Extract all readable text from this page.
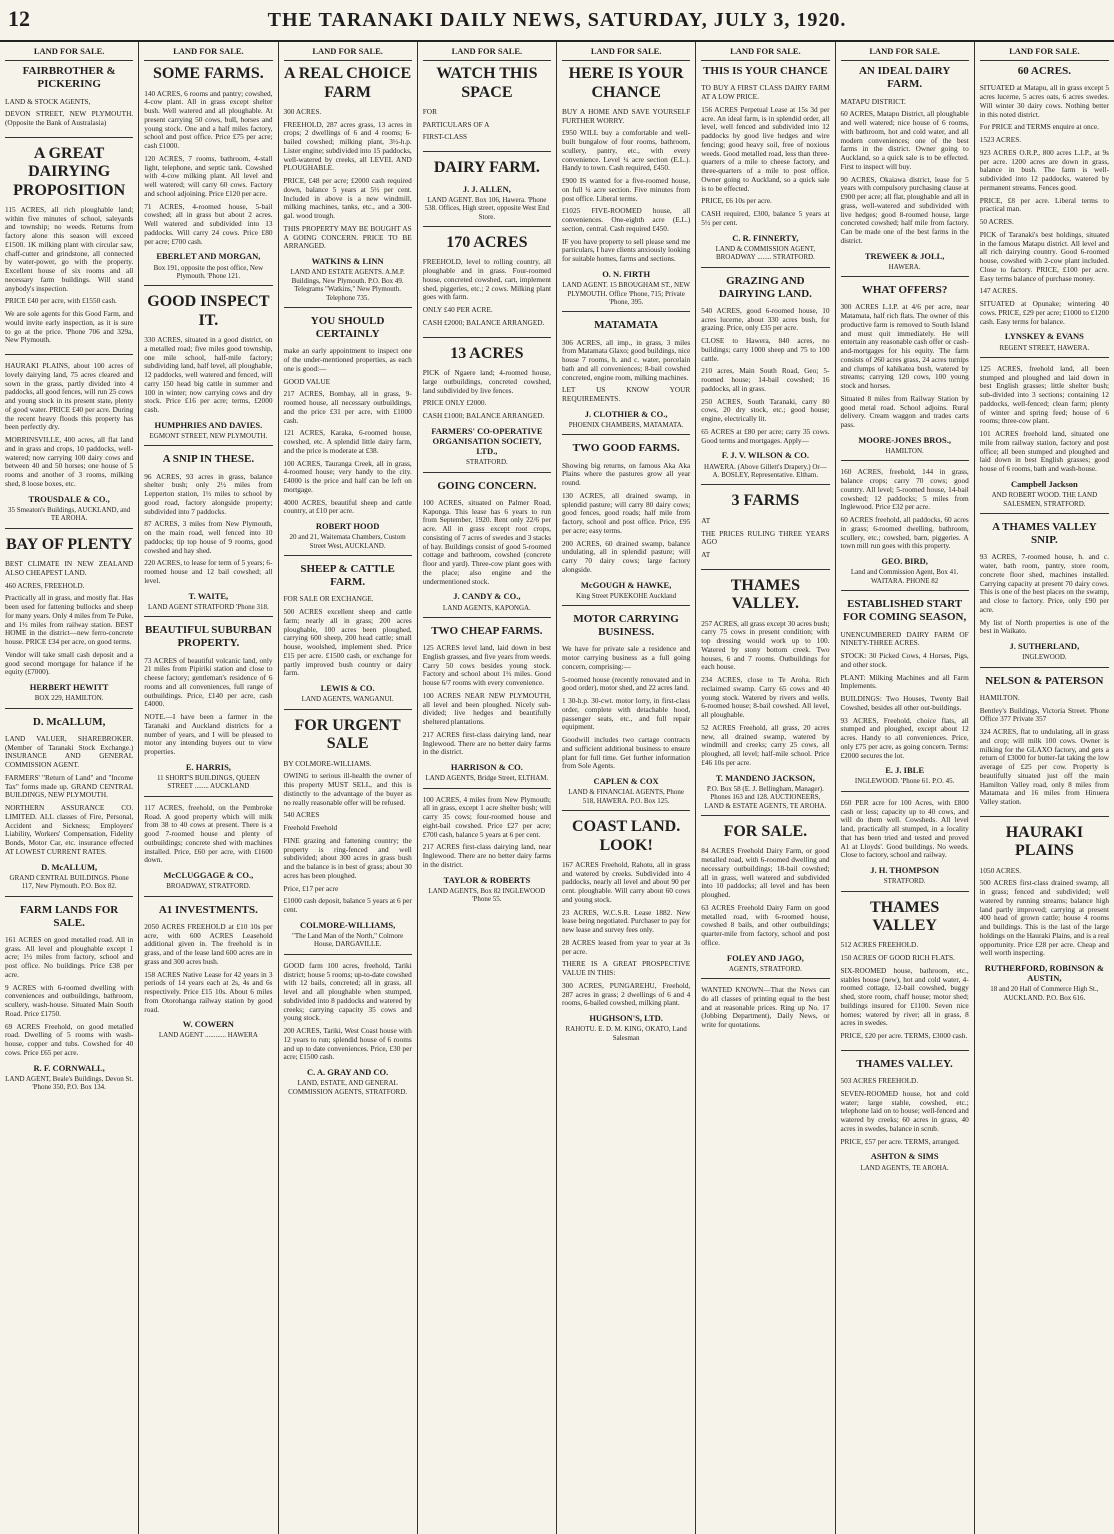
12	THE TARANAKI DAILY NEWS, SATURDAY, JULY 3, 1920.
LAND FOR SALE.
FAIRBROTHER & PICKERING

LAND & STOCK AGENTS,

DEVON STREET, NEW PLYMOUTH. (Opposite the Bank of Australasia)

A GREAT DAIRYING PROPOSITION

115 ACRES, all rich ploughable land; within five minutes of school, saleyards and township; no weeds. Returns from factory alone this season will exceed £1500. 1K milking plant with circular saw, chaff-cutter and grindstone, all connected by water-power, go with the property. Excellent house of six rooms and all necessary farm buildings. Will stand anybody's inspection.

PRICE £40 per acre, with £1550 cash.

We are sole agents for this Good Farm, and would invite early inspection, as it is sure to go at the price. 'Phone 706 and 329a, New Plymouth.

HAURAKI PLAINS, about 100 acres of lovely dairying land, 75 acres cleared and sown in the grass, partly divided into 4 paddocks, all good fences, will run 25 cows and young stock in its present state, plenty of good water. PRICE £40 per acre. During the recent heavy floods this property has been perfectly dry.

MORRINSVILLE, 400 acres, all flat land and in grass and crops, 10 paddocks, well-watered; now carrying 100 dairy cows and between 40 and 50 horses; one house of 5 rooms and another of 3 rooms, milking shed, 8 loose boxes, etc.

TROUSDALE & CO.,
35 Smeaton's Buildings, AUCKLAND, and TE AROHA.
BAY OF PLENTY

BEST CLIMATE IN NEW ZEALAND ALSO CHEAPEST LAND.

460 ACRES, FREEHOLD.

Practically all in grass, and mostly flat. Has been used for fattening bullocks and sheep for many years. Only 4 miles from Te Puke, and 1½ miles from railway station. BEST HOME in the district—new ferro-concrete house. PRICE £34 per acre, on good terms.

Vendor will take small cash deposit and a good second mortgage for balance if he equity (£7000).

HERBERT HEWITT
BOX 229, HAMILTON.
D. McALLUM,

LAND VALUER, SHAREBROKER. (Member of Taranaki Stock Exchange.) INSURANCE AND GENERAL COMMISSION AGENT.

FARMERS' "Return of Land" and "Income Tax" forms made up. GRAND CENTRAL BUILDINGS, NEW PLYMOUTH.

NORTHERN ASSURANCE CO. LIMITED. ALL classes of Fire, Personal, Accident and Sickness; Employers' Liability, Workers' Compensation, Fidelity Bonds, Motor Car, etc. insurance effected AT LOWEST CURRENT RATES.

D. McALLUM,
GRAND CENTRAL BUILDINGS. Phone 117, New Plymouth. P.O. Box 82.
FARM LANDS FOR SALE.

161 ACRES on good metalled road. All in grass. All level and ploughable except 1 acre; 1½ miles from factory, school and post office. No buildings. Price £38 per acre.

9 ACRES with 6-roomed dwelling with conveniences and outbuildings, bathroom, scullery, wash-house. Situated Main South Road. Price £1750.

69 ACRES Freehold, on good metalled road. Dwelling of 5 rooms with wash-house, copper and tubs. Cowshed for 40 cows. Price £65 per acre.

R. F. CORNWALL,
LAND AGENT, Beale's Buildings, Devon St. 'Phone 350, P.O. Box 134.
LAND FOR SALE.
SOME FARMS.

140 ACRES, 6 rooms and pantry; cowshed, 4-cow plant. All in grass except shelter bush. Well watered and all ploughable. At present carrying 50 cows, bull, horses and young stock. One and a half miles factory, school and post office. Price £75 per acre; cash £1000.

120 ACRES, 7 rooms, bathroom, 4-stall light, telephone, and septic tank. Cowshed with 4-cow milking plant. All level and well watered; will carry 60 cows. Factory and school adjoining. Price £120 per acre.

71 ACRES, 4-roomed house, 5-bail cowshed; all in grass but about 2 acres. Well watered and subdivided into 13 paddocks. Will carry 24 cows. Price £80 per acre; £700 cash.

EBERLET AND MORGAN,
Box 191, opposite the post office, New Plymouth. 'Phone 121.
GOOD INSPECT IT.

330 ACRES, situated in a good district, on a metalled road; five miles good township, one mile school, half-mile factory; subdividing land, half level, all ploughable, 12 paddocks, well watered and fenced, will carry 150 head big cattle in summer and 100 in winter; now carrying cows and dry stock. Price £16 per acre; terms, £2000 cash.

HUMPHRIES AND DAVIES.
EGMONT STREET, NEW PLYMOUTH.
A SNIP IN THESE.

96 ACRES, 93 acres in grass, balance shelter bush; only 2½ miles from Lepperton station, 1½ miles to school by good road, factory alongside property; subdivided into 7 paddocks.

87 ACRES, 3 miles from New Plymouth, on the main road, well fenced into 10 paddocks; tip top house of 9 rooms, good cowshed and hay shed.

220 ACRES, to lease for term of 5 years; 6-roomed house and 12 bail cowshed; all level.

T. WAITE,
LAND AGENT STRATFORD 'Phone 318.
BEAUTIFUL SUBURBAN PROPERTY.

73 ACRES of beautiful volcanic land, only 21 miles from Pipiriki station and close to cheese factory; gentleman's residence of 6 rooms and all conveniences, full range of outbuildings. Price, £140 per acre, cash £4000.

NOTE.—I have been a farmer in the Taranaki and Auckland districts for a number of years, and I will be pleased to motor any intending buyers out to view properties.

E. HARRIS,
11 SHORT'S BUILDINGS, QUEEN STREET ........ AUCKLAND

117 ACRES, freehold, on the Pembroke Road. A good property which will milk from 38 to 40 cows at present. There is a good 7-roomed house and plenty of outbuildings; concrete shed with machines installed. Price, £60 per acre, with £1600 down.

McCLUGGAGE & CO.,
BROADWAY, STRATFORD.
A1 INVESTMENTS.

2050 ACRES FREEHOLD at £10 10s per acre, with 600 ACRES Leasehold additional given in. The freehold is in grass, and of the lease land 600 acres are in grass and 300 acres bush.

158 ACRES Native Lease for 42 years in 3 periods of 14 years each at 2s, 4s and 6s respectively. Price £15 10s. About 6 miles from Otorohanga railway station by good road.

W. COWERN
LAND AGENT ............ HAWERA
LAND FOR SALE.
A REAL CHOICE FARM

300 ACRES.

FREEHOLD, 287 acres grass, 13 acres in crops; 2 dwellings of 6 and 4 rooms; 6-bailed cowshed; milking plant, 3½-h.p. Lister engine; subdivided into 15 paddocks, well-watered by creeks, all LEVEL AND PLOUGHABLE.

PRICE, £48 per acre; £2000 cash required down, balance 5 years at 5½ per cent. Included in above is a new windmill, milking machines, tanks, etc., and a 300-gal. wood trough.

THIS PROPERTY MAY BE BOUGHT AS A GOING CONCERN. PRICE TO BE ARRANGED.

WATKINS & LINN
LAND AND ESTATE AGENTS. A.M.P. Buildings, New Plymouth. P.O. Box 49. Telegrams "Watkins," New Plymouth. Telephone 735.
YOU SHOULD CERTAINLY

make an early appointment to inspect one of the under-mentioned properties, as each one is good:—

GOOD VALUE

217 ACRES, Bombay, all in grass, 9-roomed house, all necessary outbuildings, and the price £31 per acre, with £1000 cash.

121 ACRES, Karaka, 6-roomed house, cowshed, etc. A splendid little dairy farm, and the price is moderate at £38.

100 ACRES, Tauranga Creek, all in grass, 4-roomed house; very handy to the city. £4000 is the price and half can be left on mortgage.

4000 ACRES, beautiful sheep and cattle country, at £10 per acre.

ROBERT HOOD
20 and 21, Waitemata Chambers, Custom Street West, AUCKLAND.
SHEEP & CATTLE FARM.

FOR SALE OR EXCHANGE.

500 ACRES excellent sheep and cattle farm; nearly all in grass; 200 acres ploughable, 100 acres been ploughed, carrying 600 sheep, 200 head cattle; small house, woolshed, implement shed. Price £15 per acre. £1500 cash, or exchange for partly improved bush country or dairy farm.

LEWIS & CO.
LAND AGENTS, WANGANUI.
FOR URGENT SALE

BY COLMORE-WILLIAMS.

OWING to serious ill-health the owner of this property MUST SELL, and this is distinctly to the advantage of the buyer as no really reasonable offer will be refused.

540 ACRES

Freehold Freehold

FINE grazing and fattening country; the property is ring-fenced and well subdivided; about 300 acres in grass bush and the balance is in best of grass; about 30 acres has been ploughed.

Price, £17 per acre

£1000 cash deposit, balance 5 years at 6 per cent.

COLMORE-WILLIAMS,
"The Land Man of the North," Colmore House, DARGAVILLE.

GOOD farm 100 acres, freehold, Tariki district; house 5 rooms; up-to-date cowshed with 12 bails, concreted; all in grass, all level and all ploughable when stumped, subdivided into 8 paddocks and watered by creeks; carrying capacity 35 cows and young stock.

200 ACRES, Tariki, West Coast house with 12 years to run; splendid house of 6 rooms and up to date conveniences. Price, £30 per acre; £1500 cash.

C. A. GRAY AND CO.
LAND, ESTATE, AND GENERAL COMMISSION AGENTS, STRATFORD.
LAND FOR SALE.
WATCH THIS SPACE

FOR

PARTICULARS OF A

FIRST-CLASS

DAIRY FARM.
J. J. ALLEN,
LAND AGENT. Box 106, Hawera. 'Phone 538. Offices, High street, opposite West End Store.
170 ACRES

FREEHOLD, level to rolling country, all ploughable and in grass. Four-roomed house, concreted cowshed, cart, implement shed, piggeries, etc.; 2 cows. Milking plant goes with farm.

ONLY £40 PER ACRE.

CASH £2000; BALANCE ARRANGED.

13 ACRES

PICK of Ngaere land; 4-roomed house, large outbuildings, concreted cowshed, land subdivided by live fences.

PRICE ONLY £2000.

CASH £1000; BALANCE ARRANGED.

FARMERS' CO-OPERATIVE ORGANISATION SOCIETY, LTD.,
STRATFORD.
GOING CONCERN.

100 ACRES, situated on Palmer Road, Kaponga. This lease has 6 years to run from September, 1920. Rent only 22/6 per acre. All in grass except root crops, consisting of 7 acres of swedes and 3 stacks of hay. Buildings consist of good 5-roomed cottage and bathroom, cowshed (concrete floor and yard). Three-cow plant goes with the place; also engine and the undermentioned stock.

J. CANDY & CO.,
LAND AGENTS, KAPONGA.
TWO CHEAP FARMS.

125 ACRES level land, laid down in best English grasses, and five years from weeds. Carry 50 cows besides young stock. Factory and school about 1½ miles. Good house 6/7 rooms with every convenience.

100 ACRES NEAR NEW PLYMOUTH, all level and been ploughed. Nicely sub-divided; live hedges and beautifully sheltered plantations.

217 ACRES first-class dairying land, near Inglewood. There are no better dairy farms in the district.

HARRISON & CO.
LAND AGENTS, Bridge Street, ELTHAM.

100 ACRES, 4 miles from New Plymouth; all in grass, except 1 acre shelter bush; will carry 35 cows; four-roomed house and eight-bail cowshed. Price £27 per acre; £700 cash, balance 5 years at 6 per cent.

217 ACRES first-class dairying land, near Inglewood. There are no better dairy farms in the district.

TAYLOR & ROBERTS
LAND AGENTS, Box 82 INGLEWOOD 'Phone 55.
LAND FOR SALE.
HERE IS YOUR CHANCE

BUY A HOME AND SAVE YOURSELF FURTHER WORRY.

£950 WILL buy a comfortable and well-built bungalow of four rooms, bathroom, scullery, pantry, etc., with every convenience. Level ¼ acre section (E.L.). Handy to town. Cash required, £450.

£900 IS wanted for a five-roomed house, on full ¼ acre section. Five minutes from post office. Liberal terms.

£1025 FIVE-ROOMED house, all conveniences. One-eighth acre (E.L.) section, central. Cash required £450.

IF you have property to sell please send me particulars, I have clients anxiously looking for suitable homes, farms and sections.

O. N. FIRTH
LAND AGENT. 15 BROUGHAM ST., NEW PLYMOUTH. Office 'Phone, 715; Private 'Phone, 395.
MATAMATA

306 ACRES, all imp., in grass, 3 miles from Matamata Glaxo; good buildings, nice house 7 rooms, h. and c. water, porcelain bath and all conveniences; 8-bail cowshed concreted, engine room, milking machines.

LET US KNOW YOUR REQUIREMENTS.

J. CLOTHIER & CO.,
PHOENIX CHAMBERS, MATAMATA.
TWO GOOD FARMS.

Showing big returns, on famous Aka Aka Plains where the pastures grow all year round.

130 ACRES, all drained swamp, in splendid pasture; will carry 80 dairy cows; good fences, good roads; half mile from factory, school and post office. Price, £95 per acre; easy terms.

200 ACRES, 60 drained swamp, balance undulating, all in splendid pasture; will carry 70 dairy cows; large factory alongside.

McGOUGH & HAWKE,
King Street PUKEKOHE Auckland
MOTOR CARRYING BUSINESS.

We have for private sale a residence and motor carrying business as a full going concern, comprising:—

5-roomed house (recently renovated and in good order), motor shed, and 22 acres land.

1 30-h.p. 30-cwt. motor lorry, in first-class order, complete with detachable hood, passenger seats, etc., and full repair equipment.

Goodwill includes two cartage contracts and sufficient additional business to ensure plant for full time. Get further information from Sole Agents.

CAPLEN & COX
LAND & FINANCIAL AGENTS, Phone 518, HAWERA. P.O. Box 125.
COAST LAND. LOOK!

167 ACRES Freehold, Rahotu, all in grass and watered by creeks. Subdivided into 4 paddocks, nearly all level and about 90 per cent. ploughable. Will carry about 60 cows and young stock.

23 ACRES, W.C.S.R. Lease 1882. New lease being negotiated. Purchaser to pay for new lease and survey fees only.

28 ACRES leased from year to year at 3s per acre.

THERE IS A GREAT PROSPECTIVE VALUE IN THIS:

300 ACRES, PUNGAREHU, Freehold, 287 acres in grass; 2 dwellings of 6 and 4 rooms, 6-bailed cowshed, milking plant.

HUGHSON'S, LTD.
RAHOTU. E. D. M. KING, OKATO, Land Salesman
LAND FOR SALE.
THIS IS YOUR CHANCE

TO BUY A FIRST CLASS DAIRY FARM AT A LOW PRICE.

156 ACRES Perpetual Lease at 15s 3d per acre. An ideal farm, is in splendid order, all level, well fenced and subdivided into 12 paddocks by good live hedges and wire fencing; good heavy soil, free of noxious weeds. Good metalled road, less than three-quarters of a mile to cheese factory, and three-quarters of a mile to post office. Owner going to Auckland, so a quick sale is to be effected.

PRICE, £6 10s per acre.

CASH required, £300, balance 5 years at 5½ per cent.

C. R. FINNERTY,
LAND & COMMISSION AGENT, BROADWAY ........ STRATFORD.
GRAZING AND DAIRYING LAND.

540 ACRES, good 6-roomed house, 10 acres lucerne, about 330 acres bush, for grazing. Price, only £35 per acre.

CLOSE to Hawera, 840 acres, no buildings; carry 1000 sheep and 75 to 100 cattle.

210 acres, Main South Road, Geo; 5-roomed house; 14-bail cowshed; 16 paddocks, all in grass.

250 ACRES, South Taranaki, carry 80 cows, 20 dry stock, etc.; good house; engine, electrically lit.

65 ACRES at £80 per acre; carry 35 cows. Good terms and mortgages. Apply—

F. J. V. WILSON & CO.
HAWERA. (Above Gillett's Drapery.) Or— A. BOSLEY, Representative. Eltham.
3 FARMS

AT

THE PRICES RULING THREE YEARS AGO

AT

THAMES VALLEY.

257 ACRES, all grass except 30 acres bush; carry 75 cows in present condition; with top dressing would work up to 100. Watered by stony bottom creek. Two houses, 6 and 7 rooms. Outbuildings for each house.

234 ACRES, close to Te Aroha. Rich reclaimed swamp. Carry 65 cows and 40 young stock. Watered by rivers and wells. 6-roomed house; 8-bail cowshed. All level, all ploughable.

52 ACRES Freehold, all grass, 20 acres new, all drained swamp, watered by windmill and creeks; carry 25 cows, all ploughed, all level; half-mile school. Price £46 10s per acre.

T. MANDENO JACKSON,
P.O. Box 58 (E. J. Bellingham, Manager). Phones 163 and 128. AUCTIONEERS, LAND & ESTATE AGENTS, TE AROHA.
FOR SALE.

84 ACRES Freehold Dairy Farm, or good metalled road, with 6-roomed dwelling and necessary outbuildings; 18-bail cowshed; all in grass, well watered and subdivided into 10 paddocks; all level and has been ploughed.

63 ACRES Freehold Dairy Farm on good metalled road, with 6-roomed house, cowshed 8 bails, and other outbuildings; quarter-mile from factory, school and post office.

FOLEY AND JAGO,
AGENTS, STRATFORD.

WANTED KNOWN—That the News can do all classes of printing equal to the best and at reasonable prices. Ring up No. 17 (Jobbing Department), Daily News, or write for quotations.

LAND FOR SALE.
AN IDEAL DAIRY FARM.

MATAPU DISTRICT.

60 ACRES, Matapu District, all ploughable and well watered; nice house of 6 rooms, with bathroom, hot and cold water, and all modern conveniences; one of the best farms in the district. Owner going to Auckland, so a quick sale is to be effected. First to inspect will buy.

90 ACRES, Okaiawa district, lease for 5 years with compulsory purchasing clause at £900 per acre; all flat, ploughable and all in grass, well-watered and subdivided with live hedges; good 8-roomed house, large concreted cowshed; half mile from factory. Can be made one of the best farms in the district.

TREWEEK & JOLL,
HAWERA.
WHAT OFFERS?

300 ACRES L.I.P. at 4/6 per acre, near Matamata, half rich flats. The owner of this productive farm is removed to South Island and must quit immediately. He will entertain any reasonable cash offer or cash-and-mortgages for his equity. The farm consists of 260 acres grass, 24 acres turnips and clumps of kahikatea bush, watered by streams; carrying 120 cows, 100 young stock and horses.

Situated 8 miles from Railway Station by good metal road. School adjoins. Rural delivery. Cream waggon and trades carts pass.

MOORE-JONES BROS.,
HAMILTON.

160 ACRES, freehold, 144 in grass, balance crops; carry 70 cows; good country. All level; 5-roomed house, 14-bail cowshed; 12 paddocks; 5 miles from Inglewood. Price £32 per acre.

60 ACRES freehold, all paddocks, 60 acres in grass; 6-roomed dwelling, bathroom, scullery, etc.; cowshed, barn, piggeries. A town mill run goes with this property.

GEO. BIRD,
Land and Commission Agent, Box 41. WAITARA. PHONE 82
ESTABLISHED START FOR COMING SEASON,

UNENCUMBERED DAIRY FARM OF NINETY-THREE ACRES.

STOCK: 30 Picked Cows, 4 Horses, Pigs, and other stock.

PLANT: Milking Machines and all Farm Implements.

BUILDINGS: Two Houses, Twenty Bail Cowshed, besides all other out-buildings.

93 ACRES, Freehold, choice flats, all stumped and ploughed, except about 12 acres. Handy to all conveniences. Price, only £75 per acre, as going concern. Terms: £2000 secures the lot.

E. J. IBLE
INGLEWOOD. 'Phone 61. P.O. 45.

£60 PER acre for 100 Acres, with £800 cash or less; capacity up to 40 cows, and will do them well. Cowsheds. All level land, practically all stumped, in a locality that has been tried and tested and proved A1 at Lloyds'. Good buildings. No weeds. Close to factory, school and railway.

J. H. THOMPSON
STRATFORD.
THAMES VALLEY

512 ACRES FREEHOLD.

150 ACRES OF GOOD RICH FLATS.

SIX-ROOMED house, bathroom, etc., stables house (new), hot and cold water, 4-roomed cottage, 12-bail cowshed, buggy shed, store room, chaff house; motor shed; buildings insured for £1100. Seven nice homes; watered by river; all in grass, 8 acres in swedes.

PRICE, £20 per acre. TERMS, £3000 cash.

THAMES VALLEY.

503 ACRES FREEHOLD.

SEVEN-ROOMED house, hot and cold water; large stable, cowshed, etc.; telephone laid on to house; well-fenced and watered by creeks; 60 acres in grass, 40 acres in swedes, balance in scrub.

PRICE, £57 per acre. TERMS, arranged.

ASHTON & SIMS
LAND AGENTS, TE AROHA.
LAND FOR SALE.
60 ACRES.

SITUATED at Matapu, all in grass except 5 acres lucerne, 5 acres oats, 6 acres swedes. Will winter 30 dairy cows. Nothing better in this noted district.

For PRICE and TERMS enquire at once.

1523 ACRES.

923 ACRES O.R.P., 800 acres L.I.P., at 9s per acre. 1200 acres are down in grass, balance in bush. The farm is well-subdivided into 12 paddocks, watered by permanent streams. Fences good.

PRICE, £8 per acre. Liberal terms to practical man.

50 ACRES.

PICK of Taranaki's best holdings, situated in the famous Matapu district. All level and all rich dairying country. Good 6-roomed house, cowshed with 2-cow plant included. Close to factory. PRICE, £100 per acre. Easy terms balance of purchase money.

147 ACRES.

SITUATED at Opunake; wintering 40 cows. PRICE, £29 per acre; £1000 to £1200 cash. Easy terms for balance.

LYNSKEY & EVANS
REGENT STREET, HAWERA.

125 ACRES, freehold land, all been stumped and ploughed and laid down in best English grasses; little shelter bush; sub-divided into 3 sections; containing 12 paddocks, well-fenced; clean farm; plenty of winter and spring feed; house of 6 rooms; three-cow plant.

101 ACRES freehold land, situated one mile from railway station, factory and post office; all been stumped and ploughed and laid down in best English grasses; good house of 6 rooms, bath and wash-house.

Campbell Jackson
AND ROBERT WOOD. THE LAND SALESMEN, STRATFORD.
A THAMES VALLEY SNIP.

93 ACRES, 7-roomed house, h. and c. water, bath room, pantry, store room, concrete floor shed, machines installed. Carrying capacity at present 70 dairy cows. This is one of the best places on the swamp, and close to factory. Price, only £90 per acre.

My list of North properties is one of the best in Waikato.

J. SUTHERLAND,
INGLEWOOD.
NELSON & PATERSON

HAMILTON.

Bentley's Buildings, Victoria Street. 'Phone Office 377 Private 357

324 ACRES, flat to undulating, all in grass and crop; will milk 100 cows. Owner is milking for the GLAXO factory, and gets a return of £3000 for butter-fat taking the low average of £25 per cow. Property is beautifully situated just off the main Hamilton Valley road, only 8 miles from Matamata and 16 miles from Hinuera Valley station.

HAURAKI PLAINS

1050 ACRES.

500 ACRES first-class drained swamp, all in grass; fenced and subdivided; well watered by running streams; balance high land partly improved; carrying at present 400 head of grown cattle; house 4 rooms and buildings. This is the last of the large holdings on the Hauraki Plains, and is a real opportunity. Price £28 per acre. Cheap and well worth inspecting.

RUTHERFORD, ROBINSON & AUSTIN,
18 and 20 Hall of Commerce High St., AUCKLAND. P.O. Box 616.
